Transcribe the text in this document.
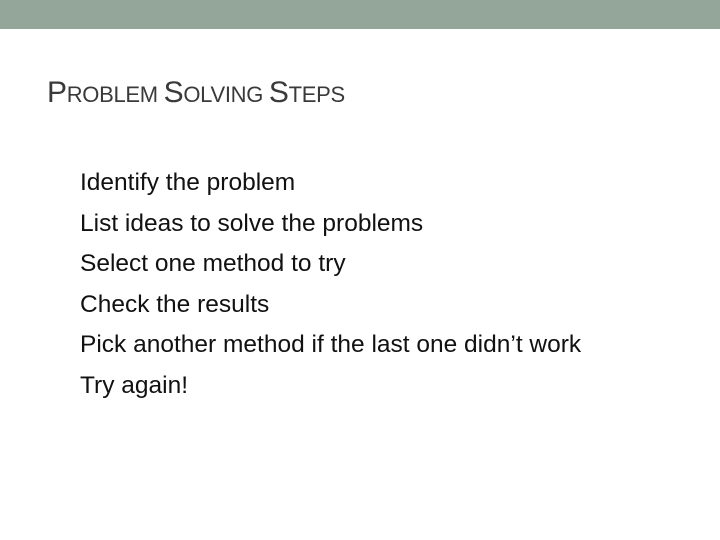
PROBLEM SOLVING STEPS
Identify the problem
List ideas to solve the problems
Select one method to try
Check the results
Pick another method if the last one didn’t work
Try again!
